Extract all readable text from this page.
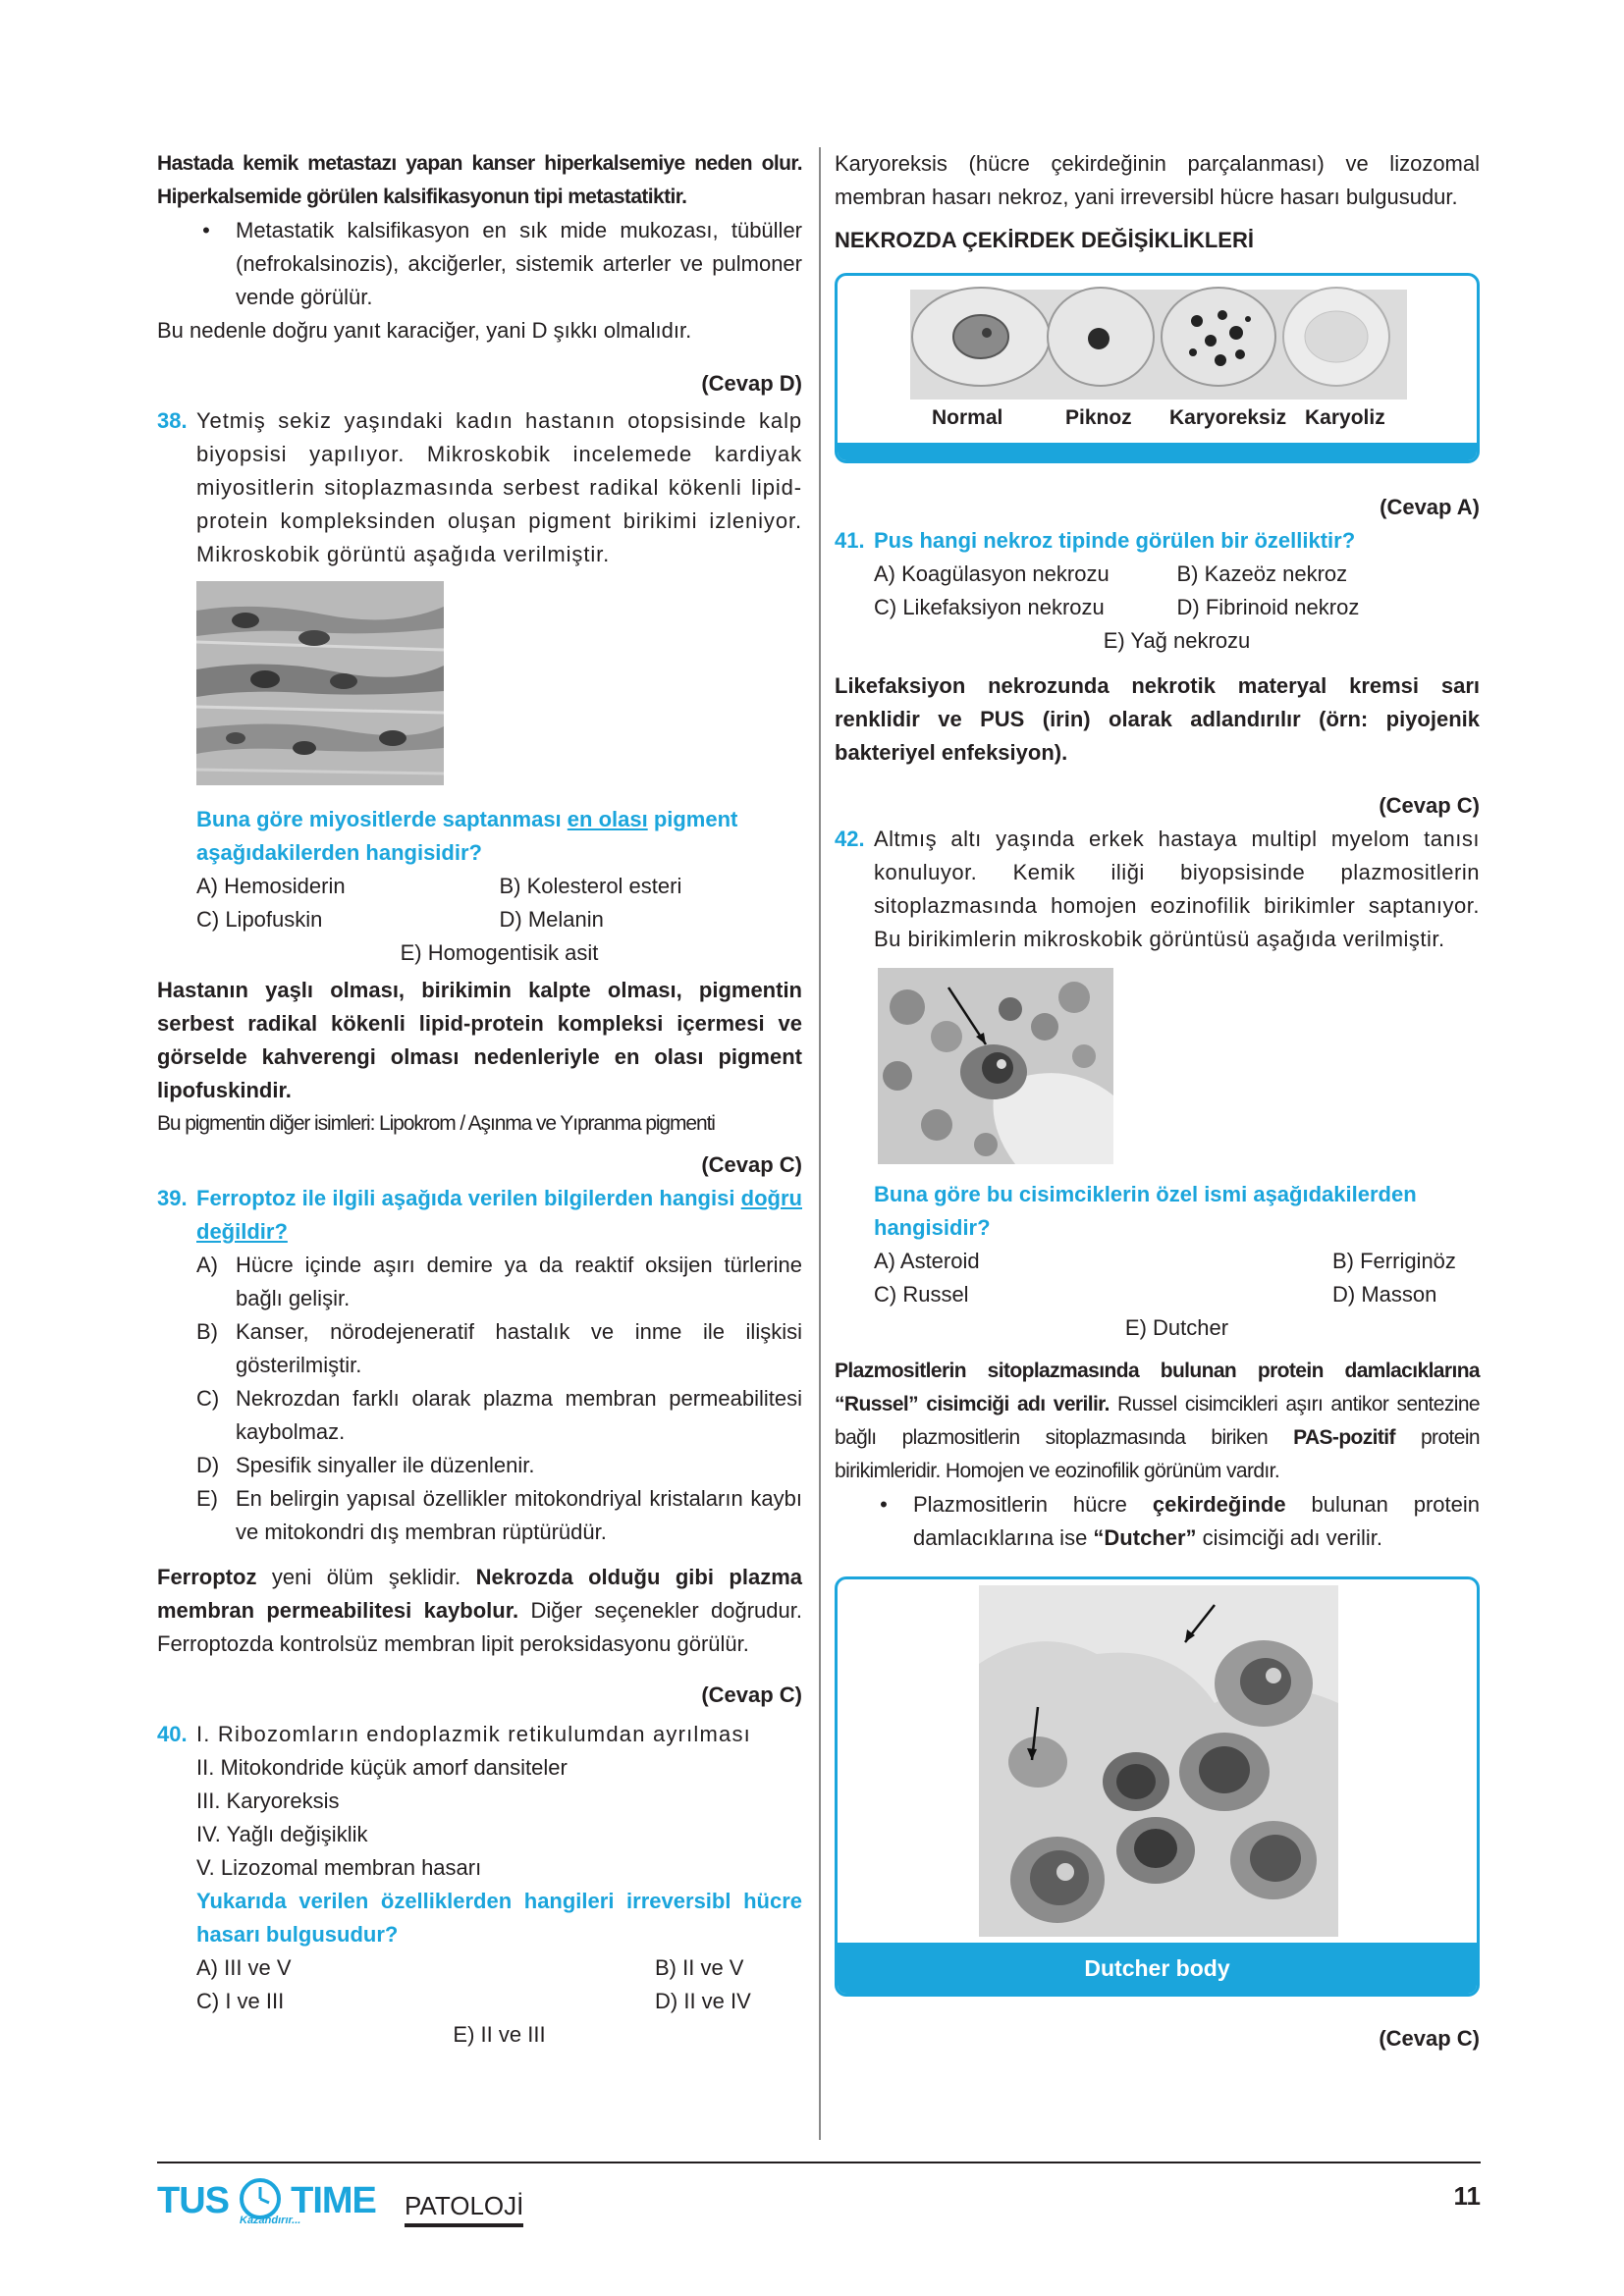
Hastada kemik metastazı yapan kanser hiperkalsemiye neden olur. Hiperkalsemide görülen kalsifikasyonun tipi metastatiktir.

•	Metastatik kalsifikasyon en sık mide mukozası, tübüller (nefrokalsinozis), akciğerler, sistemik arterler ve pulmoner vende görülür.

Bu nedenle doğru yanıt karaciğer, yani D şıkkı olmalıdır.

(Cevap D)

38. Yetmiş sekiz yaşındaki kadın hastanın otopsisinde kalp biyopsisi yapılıyor. Mikroskobik incelemede kardiyak miyositlerin sitoplazmasında serbest radikal kökenli lipid-protein kompleksinden oluşan pigment birikimi izleniyor. Mikroskobik görüntü aşağıda verilmiştir.

Buna göre miyositlerde saptanması en olası pigment aşağıdakilerden hangisidir?

A) Hemosiderin	B) Kolesterol esteri
C) Lipofuskin	D) Melanin
E) Homogentisik asit

Hastanın yaşlı olması, birikimin kalpte olması, pigmentin serbest radikal kökenli lipid-protein kompleksi içermesi ve görselde kahverengi olması nedenleriyle en olası pigment lipofuskindir.

Bu pigmentin diğer isimleri: Lipokrom / Aşınma ve Yıpranma pigmenti

(Cevap C)

39. Ferroptoz ile ilgili aşağıda verilen bilgilerden hangisi doğru değildir?
A) Hücre içinde aşırı demire ya da reaktif oksijen türlerine bağlı gelişir.
B) Kanser, nörodejeneratif hastalık ve inme ile ilişkisi gösterilmiştir.
C) Nekrozdan farklı olarak plazma membran permeabilitesi kaybolmaz.
D) Spesifik sinyaller ile düzenlenir.
E) En belirgin yapısal özellikler mitokondriyal kristaların kaybı ve mitokondri dış membran rüptürüdür.

Ferroptoz yeni ölüm şeklidir. Nekrozda olduğu gibi plazma membran permeabilitesi kaybolur. Diğer seçenekler doğrudur. Ferroptozda kontrolsüz membran lipit peroksidasyonu görülür.

(Cevap C)

40. I. Ribozomların endoplazmik retikulumdan ayrılması

II. Mitokondride küçük amorf dansiteler

III. Karyoreksis

IV. Yağlı değişiklik

V. Lizozomal membran hasarı

Yukarıda verilen özelliklerden hangileri irreversibl hücre hasarı bulgusudur?

A) III ve V	B) II ve V
C) I ve III	D) II ve IV
E) II ve III

Karyoreksis (hücre çekirdeğinin parçalanması) ve lizozomal membran hasarı nekroz, yani irreversibl hücre hasarı bulgusudur.

NEKROZDA ÇEKİRDEK DEĞİŞİKLİKLERİ

Normal	Piknoz Karyoreksiz Karyoliz

(Cevap A)

41. Pus hangi nekroz tipinde görülen bir özelliktir?
A) Koagülasyon nekrozu	B) Kazeöz nekroz
C) Likefaksiyon nekrozu	D) Fibrinoid nekroz
E) Yağ nekrozu

Likefaksiyon nekrozunda nekrotik materyal kremsi sarı renklidir ve PUS (irin) olarak adlandırılır (örn: piyojenik bakteriyel enfeksiyon).

(Cevap C)

42. Altmış altı yaşında erkek hastaya multipl myelom tanısı konuluyor. Kemik iliği biyopsisinde plazmositlerin sitoplazmasında homojen eozinofilik birikimler saptanıyor. Bu birikimlerin mikroskobik görüntüsü aşağıda verilmiştir.

Buna göre bu cisimciklerin özel ismi aşağıdakilerden hangisidir?

A) Asteroid	B) Ferriginöz
C) Russel	D) Masson
E) Dutcher

Plazmositlerin sitoplazmasında bulunan protein damlacıklarına “Russel” cisimciği adı verilir. Russel cisimcikleri aşırı antikor sentezine bağlı plazmositlerin sitoplazmasında biriken PAS-pozitif protein birikimleridir. Homojen ve eozinofilik görünüm vardır.

•	Plazmositlerin hücre çekirdeğinde bulunan protein damlacıklarına ise “Dutcher” cisimciği adı verilir.
Dutcher body

(Cevap C)

TUS TIME
Kazandırır...	PATOLOJİ	11
